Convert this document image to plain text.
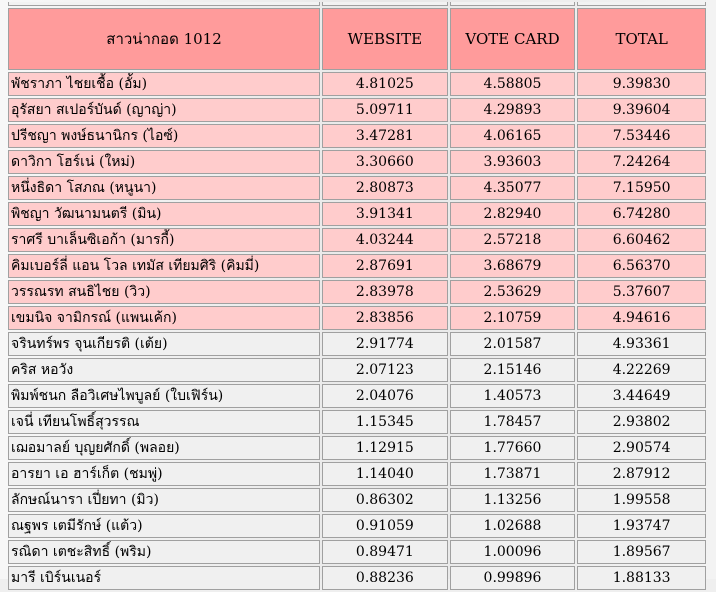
สาวน่ากอด 1012	WEBSITE	VOTE CARD	TOTAL
พัชราภา ไชยเชื้อ (อั้ม)	4.81025	4.58805	9.39830
อุรัสยา สเปอร์บันด์ (ญาญ่า)	5.09711	4.29893	9.39604
ปรีชญา พงษ์ธนานิกร (ไอซ์)	3.47281	4.06165	7.53446
ดาวิกา โฮร์เน่ (ใหม่)	3.30660	3.93603	7.24264
หนึ่งธิดา โสภณ (หนูนา)	2.80873	4.35077	7.15950
พิชญา วัฒนามนตรี (มิน)	3.91341	2.82940	6.74280
ราศรี บาเล็นซิเอก้า (มารกี้)	4.03244	2.57218	6.60462
คิมเบอร์ลี่ แอน โวล เทมัส เทียมศิริ (คิมมี่)	2.87691	3.68679	6.56370
วรรณรท สนธิไชย (วิว)	2.83978	2.53629	5.37607
เขมนิจ จามิกรณ์ (แพนเค้ก)	2.83856	2.10759	4.94616
จรินทร์พร จุนเกียรติ (เต้ย)	2.91774	2.01587	4.93361
คริส หอวัง	2.07123	2.15146	4.22269
พิมพ์ชนก ลือวิเศษไพบูลย์ (ใบเฟิร์น)	2.04076	1.40573	3.44649
เจนี่ เทียนโพธิ์สุวรรณ	1.15345	1.78457	2.93802
เฌอมาลย์ บุญยศักดิ์ (พลอย)	1.12915	1.77660	2.90574
อารยา เอ ฮาร์เก็ต (ชมพู่)	1.14040	1.73871	2.87912
ลักษณ์นารา เปี่ยทา (มิว)	0.86302	1.13256	1.99558
ณฐพร เตมีรักษ์ (แต้ว)	0.91059	1.02688	1.93747
รณิดา เตชะสิทธิ์ (พริม)	0.89471	1.00096	1.89567
มารี เบิร์นเนอร์	0.88236	0.99896	1.88133
